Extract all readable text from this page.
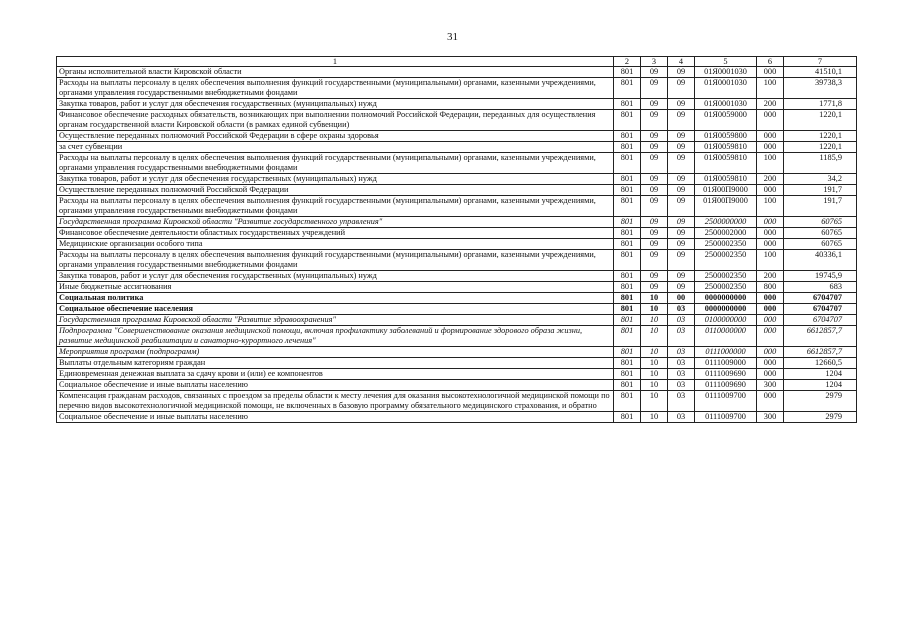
31
1	2	3	4	5	6	7
Органы исполнительной власти Кировской области	801	09	09	01Я0001030	000	41510,1
Расходы на выплаты персоналу в целях обеспечения выполнения функций государственными (муниципальными) органами, казенными учреждениями, органами управления государственными внебюджетными фондами	801	09	09	01Я0001030	100	39738,3
Закупка товаров, работ и услуг для обеспечения государственных (муниципальных) нужд	801	09	09	01Я0001030	200	1771,8
Финансовое обеспечение расходных обязательств, возникающих при выполнении полномочий Российской Федерации, переданных для осуществления органам государственной власти Кировской области (в рамках единой субвенции)	801	09	09	01Я0059000	000	1220,1
Осуществление переданных полномочий Российской Федерации в сфере охраны здоровья	801	09	09	01Я0059800	000	1220,1
за счет субвенции	801	09	09	01Я0059810	000	1220,1
Расходы на выплаты персоналу в целях обеспечения выполнения функций государственными (муниципальными) органами, казенными учреждениями, органами управления государственными внебюджетными фондами	801	09	09	01Я0059810	100	1185,9
Закупка товаров, работ и услуг для обеспечения государственных (муниципальных) нужд	801	09	09	01Я0059810	200	34,2
Осуществление переданных полномочий Российской Федерации	801	09	09	01Я00П9000	000	191,7
Расходы на выплаты персоналу в целях обеспечения выполнения функций государственными (муниципальными) органами, казенными учреждениями, органами управления государственными внебюджетными фондами	801	09	09	01Я00П9000	100	191,7
Государственная программа Кировской области "Развитие государственного управления"	801	09	09	2500000000	000	60765
Финансовое обеспечение деятельности областных государственных учреждений	801	09	09	2500002000	000	60765
Медицинские организации особого типа	801	09	09	2500002350	000	60765
Расходы на выплаты персоналу в целях обеспечения выполнения функций государственными (муниципальными) органами, казенными учреждениями, органами управления государственными внебюджетными фондами	801	09	09	2500002350	100	40336,1
Закупка товаров, работ и услуг для обеспечения государственных (муниципальных) нужд	801	09	09	2500002350	200	19745,9
Иные бюджетные ассигнования	801	09	09	2500002350	800	683
Социальная политика	801	10	00	0000000000	000	6704707
Социальное обеспечение населения	801	10	03	0000000000	000	6704707
Государственная программа Кировской области "Развитие здравоохранения"	801	10	03	0100000000	000	6704707
Подпрограмма "Совершенствование оказания медицинской помощи, включая профилактику заболеваний и формирование здорового образа жизни, развитие медицинской реабилитации и санаторно-курортного лечения"	801	10	03	0110000000	000	6612857,7
Мероприятия программ (подпрограмм)	801	10	03	0111000000	000	6612857,7
Выплаты отдельным категориям граждан	801	10	03	0111009000	000	12660,5
Единовременная денежная выплата за сдачу крови и (или) ее компонентов	801	10	03	0111009690	000	1204
Социальное обеспечение и иные выплаты населению	801	10	03	0111009690	300	1204
Компенсация гражданам расходов, связанных с проездом за пределы области к месту лечения для оказания высокотехнологичной медицинской помощи по перечню видов высокотехнологичной медицинской помощи, не включенных в базовую программу обязательного медицинского страхования, и обратно	801	10	03	0111009700	000	2979
Социальное обеспечение и иные выплаты населению	801	10	03	0111009700	300	2979
